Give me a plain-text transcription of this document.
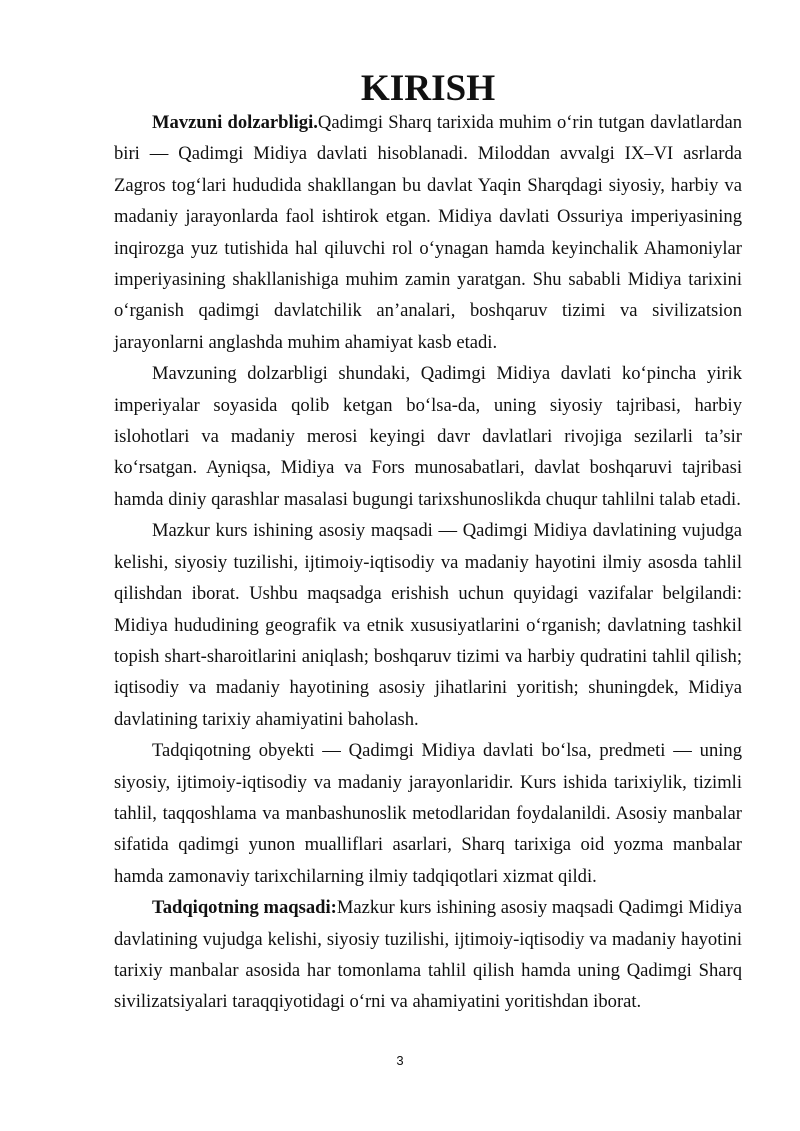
KIRISH

Mavzuni dolzarbligi.Qadimgi Sharq tarixida muhim o‘rin tutgan davlatlardan biri — Qadimgi Midiya davlati hisoblanadi. Miloddan avvalgi IX–VI asrlarda Zagros tog‘lari hududida shakllangan bu davlat Yaqin Sharqdagi siyosiy, harbiy va madaniy jarayonlarda faol ishtirok etgan. Midiya davlati Ossuriya imperiyasining inqirozga yuz tutishida hal qiluvchi rol o‘ynagan hamda keyinchalik Ahamoniylar imperiyasining shakllanishiga muhim zamin yaratgan. Shu sababli Midiya tarixini o‘rganish qadimgi davlatchilik an’analari, boshqaruv tizimi va sivilizatsion jarayonlarni anglashda muhim ahamiyat kasb etadi.

Mavzuning dolzarbligi shundaki, Qadimgi Midiya davlati ko‘pincha yirik imperiyalar soyasida qolib ketgan bo‘lsa-da, uning siyosiy tajribasi, harbiy islohotlari va madaniy merosi keyingi davr davlatlari rivojiga sezilarli ta’sir ko‘rsatgan. Ayniqsa, Midiya va Fors munosabatlari, davlat boshqaruvi tajribasi hamda diniy qarashlar masalasi bugungi tarixshunoslikda chuqur tahlilni talab etadi.

Mazkur kurs ishining asosiy maqsadi — Qadimgi Midiya davlatining vujudga kelishi, siyosiy tuzilishi, ijtimoiy-iqtisodiy va madaniy hayotini ilmiy asosda tahlil qilishdan iborat. Ushbu maqsadga erishish uchun quyidagi vazifalar belgilandi: Midiya hududining geografik va etnik xususiyatlarini o‘rganish; davlatning tashkil topish shart-sharoitlarini aniqlash; boshqaruv tizimi va harbiy qudratini tahlil qilish; iqtisodiy va madaniy hayotining asosiy jihatlarini yoritish; shuningdek, Midiya davlatining tarixiy ahamiyatini baholash.

Tadqiqotning obyekti — Qadimgi Midiya davlati bo‘lsa, predmeti — uning siyosiy, ijtimoiy-iqtisodiy va madaniy jarayonlaridir. Kurs ishida tarixiylik, tizimli tahlil, taqqoshlama va manbashunoslik metodlaridan foydalanildi. Asosiy manbalar sifatida qadimgi yunon mualliflari asarlari, Sharq tarixiga oid yozma manbalar hamda zamonaviy tarixchilarning ilmiy tadqiqotlari xizmat qildi.

Tadqiqotning maqsadi:Mazkur kurs ishining asosiy maqsadi Qadimgi Midiya davlatining vujudga kelishi, siyosiy tuzilishi, ijtimoiy-iqtisodiy va madaniy hayotini tarixiy manbalar asosida har tomonlama tahlil qilish hamda uning Qadimgi Sharq sivilizatsiyalari taraqqiyotidagi o‘rni va ahamiyatini yoritishdan iborat.

3
